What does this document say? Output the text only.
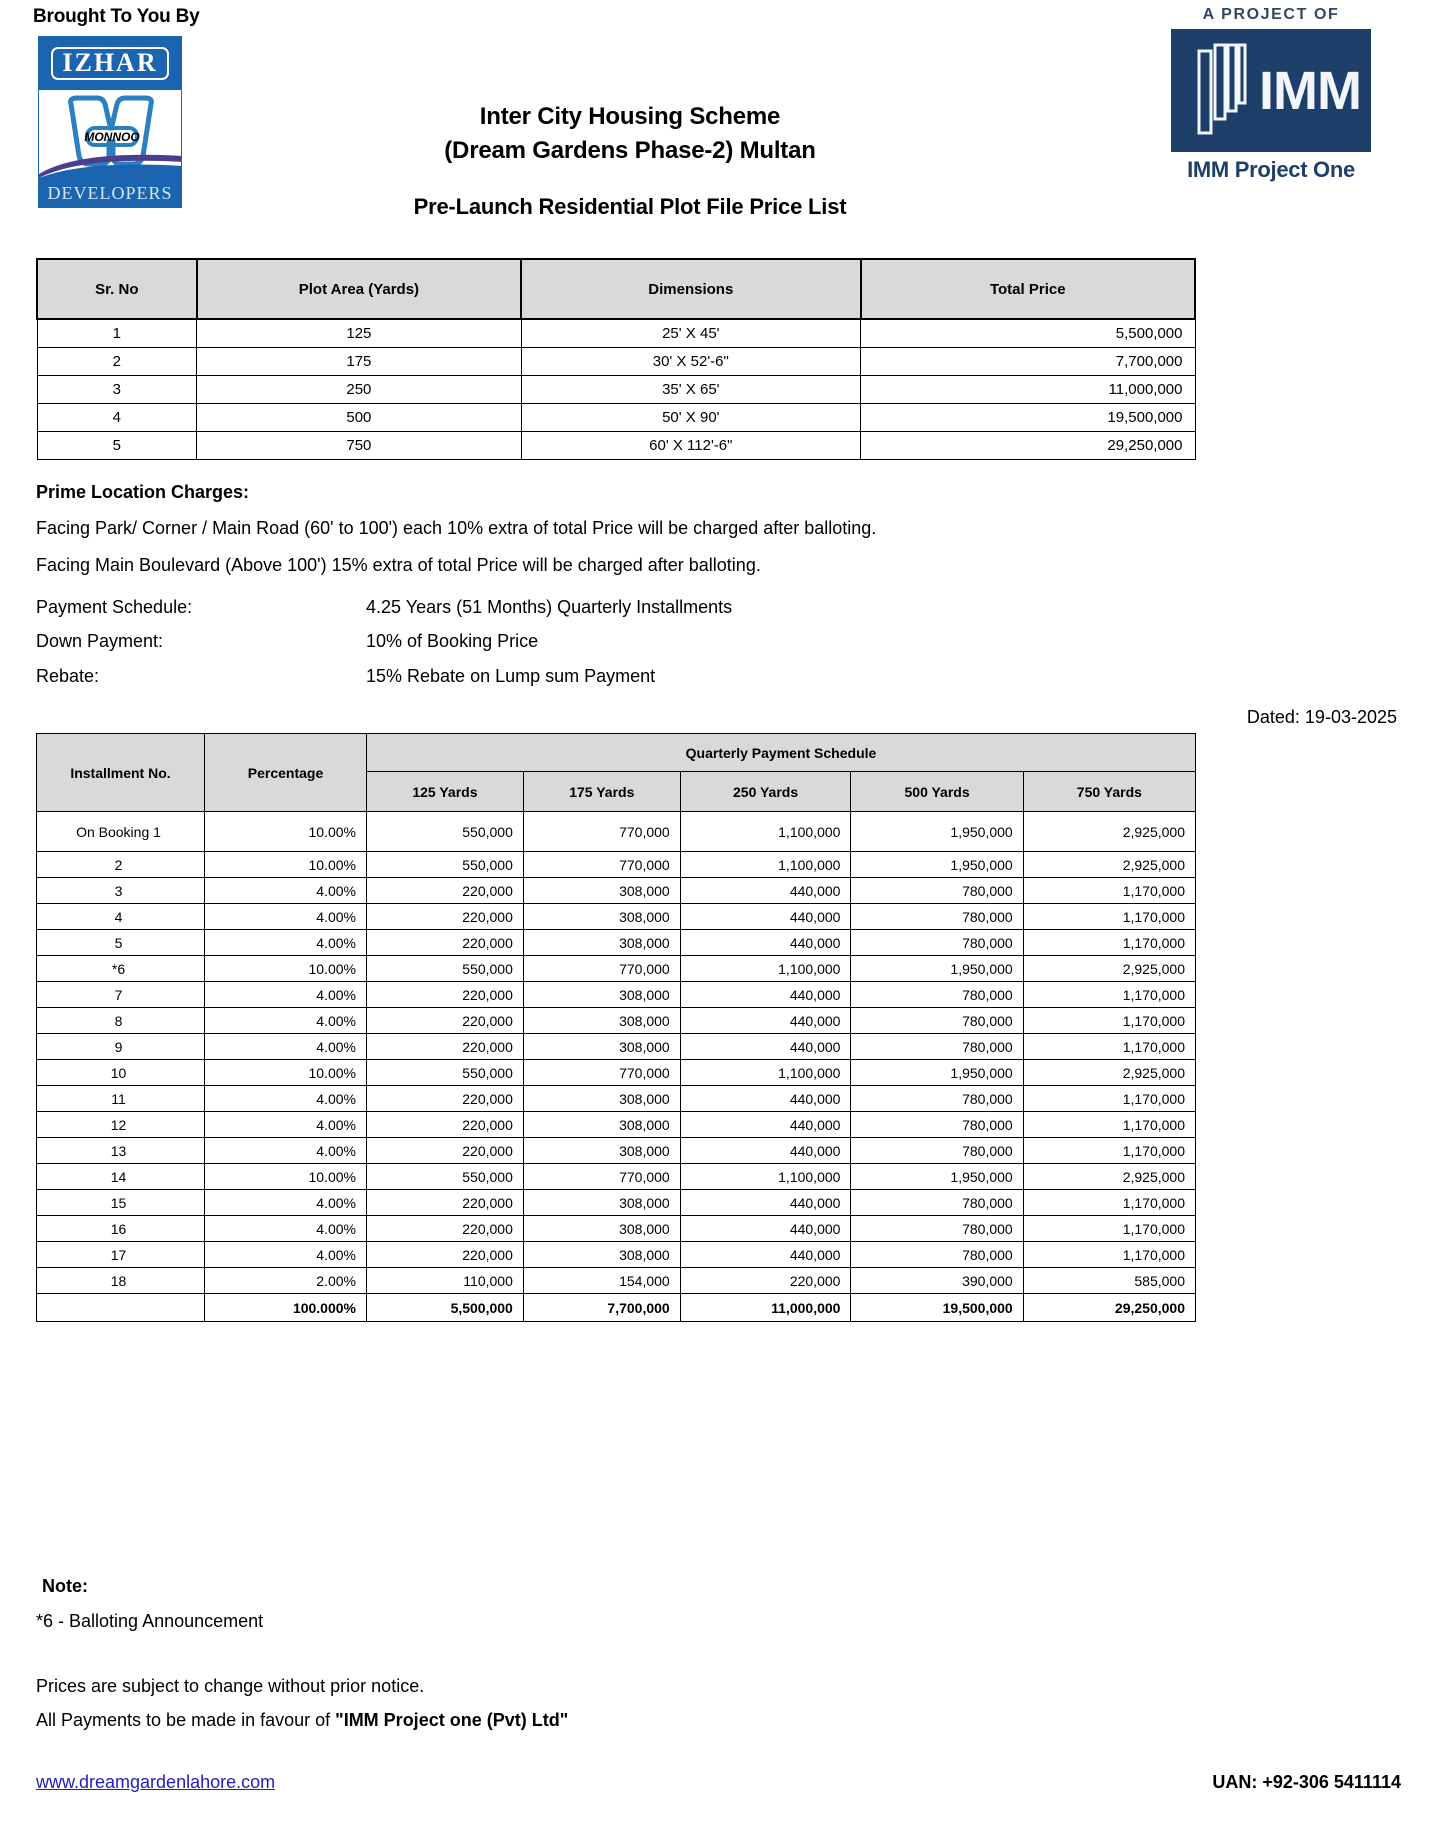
Brought To You By
IZHAR
MONNOO
DEVELOPERS
Inter City Housing Scheme
(Dream Gardens Phase-2) Multan
Pre-Launch Residential Plot File Price List
A PROJECT OF
IMM
IMM Project One
Sr. No	Plot Area (Yards)	Dimensions	Total Price
1	125	25' X 45'	5,500,000
2	175	30' X 52'-6"	7,700,000
3	250	35' X 65'	11,000,000
4	500	50' X 90'	19,500,000
5	750	60' X 112'-6"	29,250,000
Prime Location Charges:
Facing Park/ Corner / Main Road (60' to 100') each 10% extra of total Price will be charged after balloting.
Facing Main Boulevard (Above 100') 15% extra of total Price will be charged after balloting.
Payment Schedule:	4.25 Years (51 Months) Quarterly Installments
Down Payment:	10% of Booking Price
Rebate:	15% Rebate on Lump sum Payment
Dated: 19-03-2025
Installment No.	Percentage	Quarterly Payment Schedule				
		125 Yards	175 Yards	250 Yards	500 Yards	750 Yards
On Booking 1	10.00%	550,000	770,000	1,100,000	1,950,000	2,925,000
2	10.00%	550,000	770,000	1,100,000	1,950,000	2,925,000
3	4.00%	220,000	308,000	440,000	780,000	1,170,000
4	4.00%	220,000	308,000	440,000	780,000	1,170,000
5	4.00%	220,000	308,000	440,000	780,000	1,170,000
*6	10.00%	550,000	770,000	1,100,000	1,950,000	2,925,000
7	4.00%	220,000	308,000	440,000	780,000	1,170,000
8	4.00%	220,000	308,000	440,000	780,000	1,170,000
9	4.00%	220,000	308,000	440,000	780,000	1,170,000
10	10.00%	550,000	770,000	1,100,000	1,950,000	2,925,000
11	4.00%	220,000	308,000	440,000	780,000	1,170,000
12	4.00%	220,000	308,000	440,000	780,000	1,170,000
13	4.00%	220,000	308,000	440,000	780,000	1,170,000
14	10.00%	550,000	770,000	1,100,000	1,950,000	2,925,000
15	4.00%	220,000	308,000	440,000	780,000	1,170,000
16	4.00%	220,000	308,000	440,000	780,000	1,170,000
17	4.00%	220,000	308,000	440,000	780,000	1,170,000
18	2.00%	110,000	154,000	220,000	390,000	585,000
	100.000%	5,500,000	7,700,000	11,000,000	19,500,000	29,250,000
Note:
*6 - Balloting Announcement
Prices are subject to change without prior notice.
All Payments to be made in favour of "IMM Project one (Pvt) Ltd"
www.dreamgardenlahore.com	UAN: +92-306 5411114
